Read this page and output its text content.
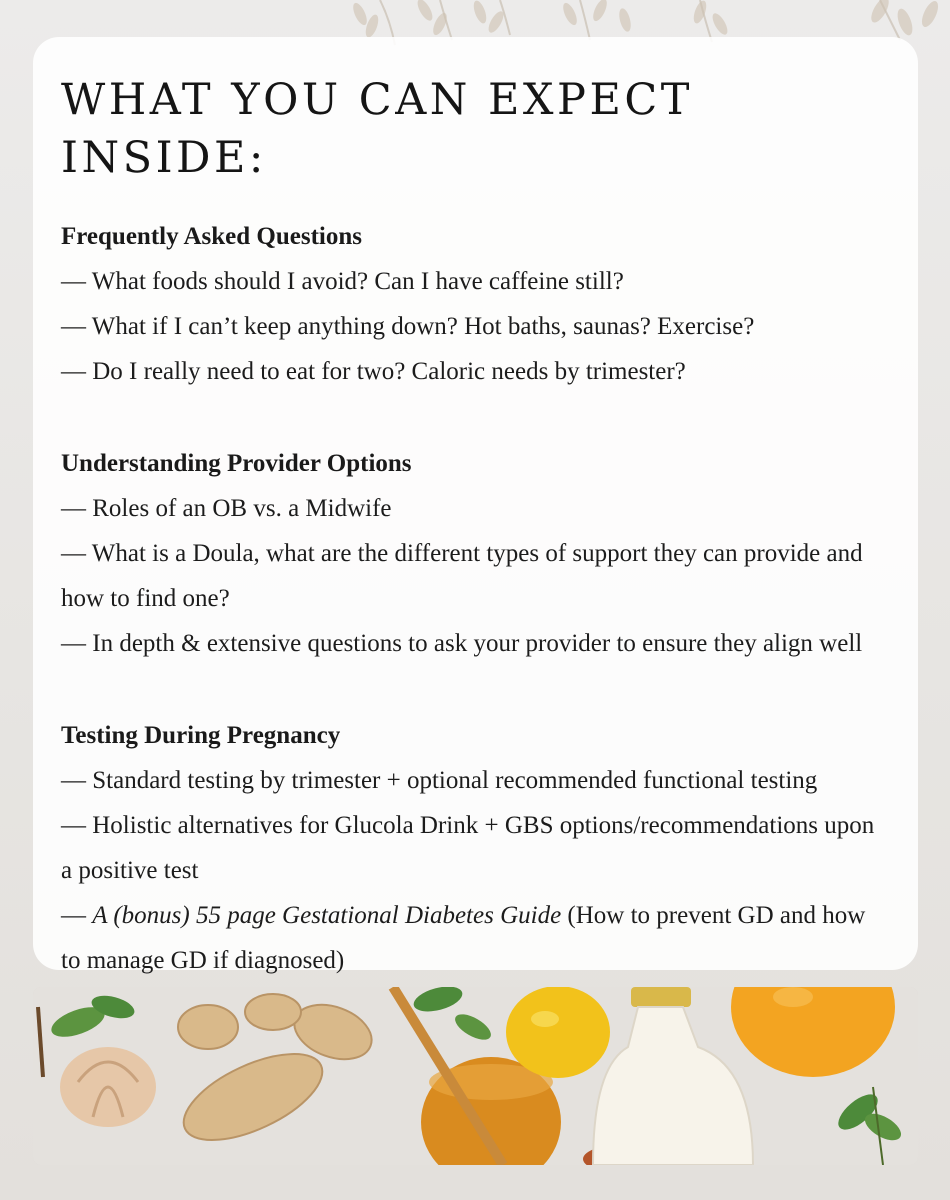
WHAT YOU CAN EXPECT INSIDE:

Frequently Asked Questions

— What foods should I avoid? Can I have caffeine still?

— What if I can’t keep anything down? Hot baths, saunas? Exercise?

— Do I really need to eat for two? Caloric needs by trimester?

Understanding Provider Options

— Roles of an OB vs. a Midwife

— What is a Doula, what are the different types of support they can provide and how to find one?

— In depth & extensive questions to ask your provider to ensure they align well

Testing During Pregnancy

— Standard testing by trimester + optional recommended functional testing

— Holistic alternatives for Glucola Drink + GBS options/recommendations upon a positive test

— A (bonus) 55 page Gestational Diabetes Guide (How to prevent GD and how to manage GD if diagnosed)
